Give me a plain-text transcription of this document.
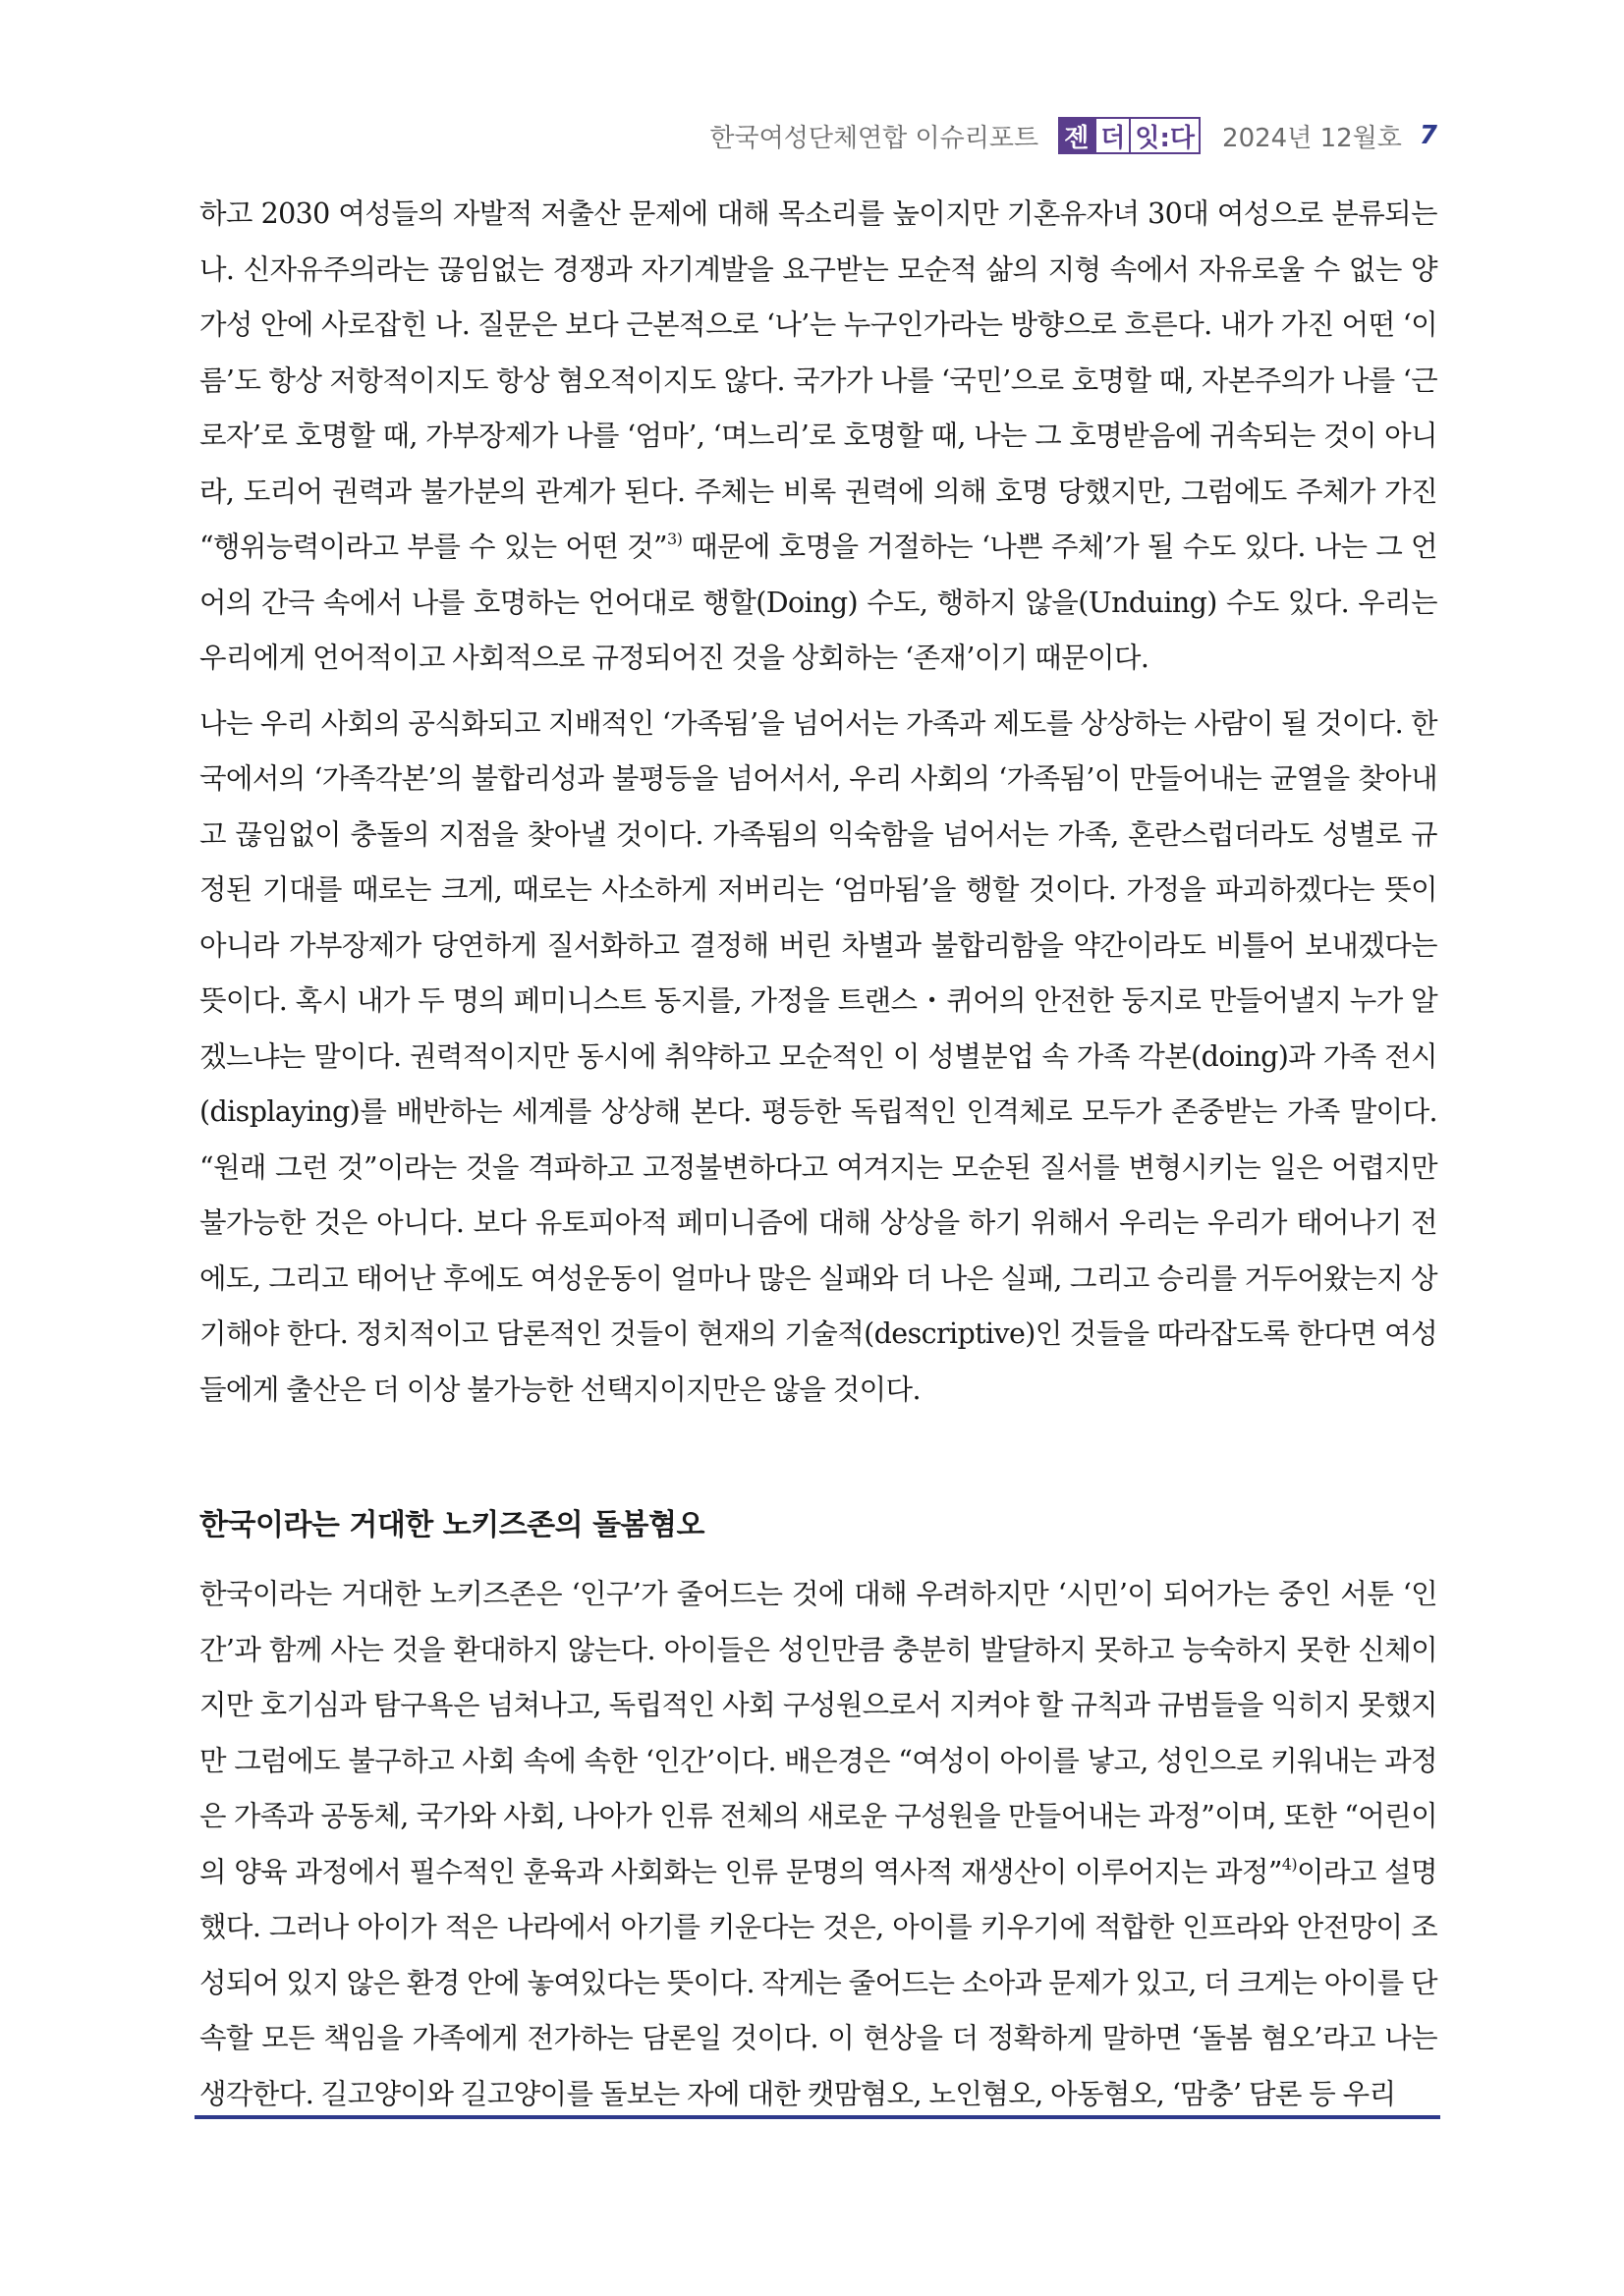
한국여성단체연합 이슈리포트 젠 더 잇:다 2024년 12월호 7

하고 2030 여성들의 자발적 저출산 문제에 대해 목소리를 높이지만 기혼유자녀 30대 여성으로 분류되는 나. 신자유주의라는 끊임없는 경쟁과 자기계발을 요구받는 모순적 삶의 지형 속에서 자유로울 수 없는 양가성 안에 사로잡힌 나. 질문은 보다 근본적으로 ‘나’는 누구인가라는 방향으로 흐른다. 내가 가진 어떤 ‘이름’도 항상 저항적이지도 항상 혐오적이지도 않다. 국가가 나를 ‘국민’으로 호명할 때, 자본주의가 나를 ‘근로자’로 호명할 때, 가부장제가 나를 ‘엄마’, ‘며느리’로 호명할 때, 나는 그 호명받음에 귀속되는 것이 아니라, 도리어 권력과 불가분의 관계가 된다. 주체는 비록 권력에 의해 호명 당했지만, 그럼에도 주체가 가진 “행위능력이라고 부를 수 있는 어떤 것”$^{3)}$ 때문에 호명을 거절하는 ‘나쁜 주체’가 될 수도 있다. 나는 그 언어의 간극 속에서 나를 호명하는 언어대로 행할(Doing) 수도, 행하지 않을(Unduing) 수도 있다. 우리는 우리에게 언어적이고 사회적으로 규정되어진 것을 상회하는 ‘존재’이기 때문이다.

나는 우리 사회의 공식화되고 지배적인 ‘가족됨’을 넘어서는 가족과 제도를 상상하는 사람이 될 것이다. 한국에서의 ‘가족각본’의 불합리성과 불평등을 넘어서서, 우리 사회의 ‘가족됨’이 만들어내는 균열을 찾아내고 끊임없이 충돌의 지점을 찾아낼 것이다. 가족됨의 익숙함을 넘어서는 가족, 혼란스럽더라도 성별로 규정된 기대를 때로는 크게, 때로는 사소하게 저버리는 ‘엄마됨’을 행할 것이다. 가정을 파괴하겠다는 뜻이 아니라 가부장제가 당연하게 질서화하고 결정해 버린 차별과 불합리함을 약간이라도 비틀어 보내겠다는 뜻이다. 혹시 내가 두 명의 페미니스트 동지를, 가정을 트랜스・퀴어의 안전한 둥지로 만들어낼지 누가 알겠느냐는 말이다. 권력적이지만 동시에 취약하고 모순적인 이 성별분업 속 가족 각본(doing)과 가족 전시(displaying)를 배반하는 세계를 상상해 본다. 평등한 독립적인 인격체로 모두가 존중받는 가족 말이다. “원래 그런 것”이라는 것을 격파하고 고정불변하다고 여겨지는 모순된 질서를 변형시키는 일은 어렵지만 불가능한 것은 아니다. 보다 유토피아적 페미니즘에 대해 상상을 하기 위해서 우리는 우리가 태어나기 전에도, 그리고 태어난 후에도 여성운동이 얼마나 많은 실패와 더 나은 실패, 그리고 승리를 거두어왔는지 상기해야 한다. 정치적이고 담론적인 것들이 현재의 기술적(descriptive)인 것들을 따라잡도록 한다면 여성들에게 출산은 더 이상 불가능한 선택지이지만은 않을 것이다.

한국이라는 거대한 노키즈존의 돌봄혐오

한국이라는 거대한 노키즈존은 ‘인구’가 줄어드는 것에 대해 우려하지만 ‘시민’이 되어가는 중인 서툰 ‘인간’과 함께 사는 것을 환대하지 않는다. 아이들은 성인만큼 충분히 발달하지 못하고 능숙하지 못한 신체이지만 호기심과 탐구욕은 넘쳐나고, 독립적인 사회 구성원으로서 지켜야 할 규칙과 규범들을 익히지 못했지만 그럼에도 불구하고 사회 속에 속한 ‘인간’이다. 배은경은 “여성이 아이를 낳고, 성인으로 키워내는 과정은 가족과 공동체, 국가와 사회, 나아가 인류 전체의 새로운 구성원을 만들어내는 과정”이며, 또한 “어린이의 양육 과정에서 필수적인 훈육과 사회화는 인류 문명의 역사적 재생산이 이루어지는 과정”$^{4)}$이라고 설명했다. 그러나 아이가 적은 나라에서 아기를 키운다는 것은, 아이를 키우기에 적합한 인프라와 안전망이 조성되어 있지 않은 환경 안에 놓여있다는 뜻이다. 작게는 줄어드는 소아과 문제가 있고, 더 크게는 아이를 단속할 모든 책임을 가족에게 전가하는 담론일 것이다. 이 현상을 더 정확하게 말하면 ‘돌봄 혐오’라고 나는 생각한다. 길고양이와 길고양이를 돌보는 자에 대한 캣맘혐오, 노인혐오, 아동혐오, ‘맘충’ 담론 등 우리
